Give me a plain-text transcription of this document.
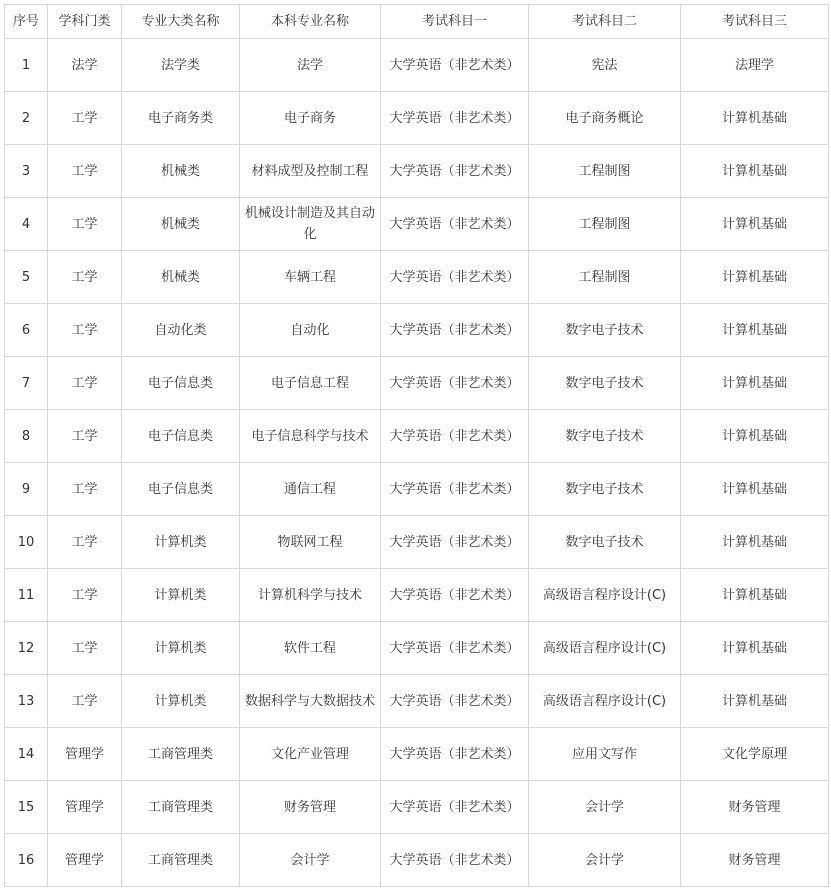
序号	学科门类	专业大类名称	本科专业名称	考试科目一	考试科目二	考试科目三
1	法学	法学类	法学	大学英语（非艺术类）	宪法	法理学
2	工学	电子商务类	电子商务	大学英语（非艺术类）	电子商务概论	计算机基础
3	工学	机械类	材料成型及控制工程	大学英语（非艺术类）	工程制图	计算机基础
4	工学	机械类	机械设计制造及其自动化	大学英语（非艺术类）	工程制图	计算机基础
5	工学	机械类	车辆工程	大学英语（非艺术类）	工程制图	计算机基础
6	工学	自动化类	自动化	大学英语（非艺术类）	数字电子技术	计算机基础
7	工学	电子信息类	电子信息工程	大学英语（非艺术类）	数字电子技术	计算机基础
8	工学	电子信息类	电子信息科学与技术	大学英语（非艺术类）	数字电子技术	计算机基础
9	工学	电子信息类	通信工程	大学英语（非艺术类）	数字电子技术	计算机基础
10	工学	计算机类	物联网工程	大学英语（非艺术类）	数字电子技术	计算机基础
11	工学	计算机类	计算机科学与技术	大学英语（非艺术类）	高级语言程序设计(C)	计算机基础
12	工学	计算机类	软件工程	大学英语（非艺术类）	高级语言程序设计(C)	计算机基础
13	工学	计算机类	数据科学与大数据技术	大学英语（非艺术类）	高级语言程序设计(C)	计算机基础
14	管理学	工商管理类	文化产业管理	大学英语（非艺术类）	应用文写作	文化学原理
15	管理学	工商管理类	财务管理	大学英语（非艺术类）	会计学	财务管理
16	管理学	工商管理类	会计学	大学英语（非艺术类）	会计学	财务管理
